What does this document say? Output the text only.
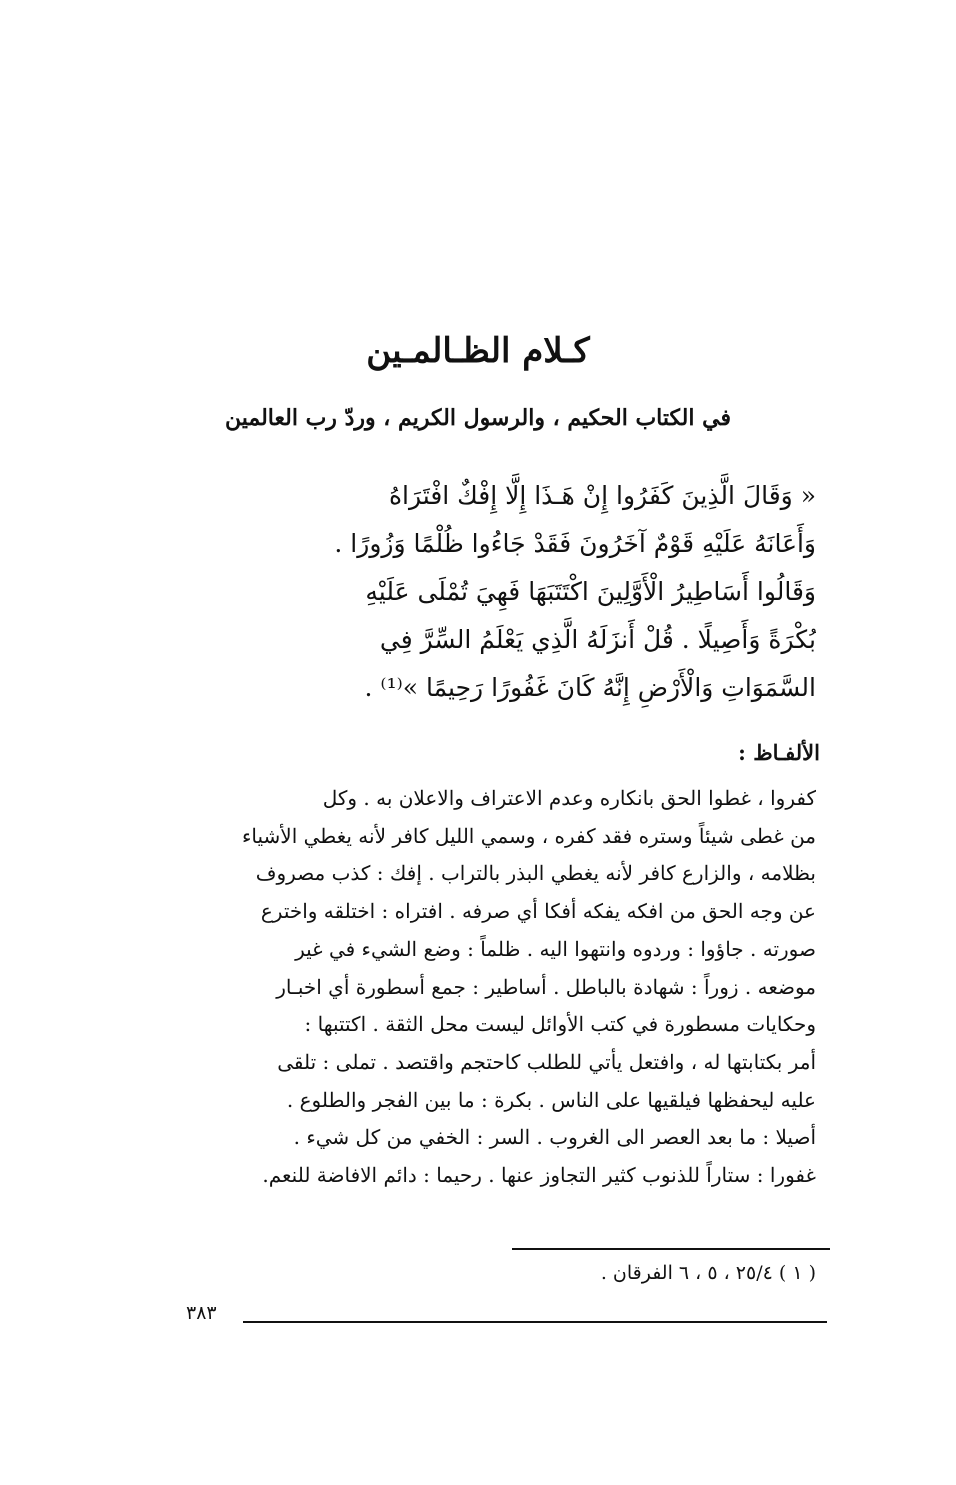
كـلام الظـالمـين
في الكتاب الحكيم ، والرسول الكريم ، وردّ رب العالمين

« وَقَالَ الَّذِينَ كَفَرُوا إِنْ هَـذَا إِلَّا إِفْكٌ افْتَرَاهُ

وَأَعَانَهُ عَلَيْهِ قَوْمٌ آخَرُونَ فَقَدْ جَاءُوا ظُلْمًا وَزُورًا .

وَقَالُوا أَسَاطِيرُ الْأَوَّلِينَ اكْتَتَبَهَا فَهِيَ تُمْلَى عَلَيْهِ

بُكْرَةً وَأَصِيلًا . قُلْ أَنزَلَهُ الَّذِي يَعْلَمُ السِّرَّ فِي

السَّمَوَاتِ وَالْأَرْضِ إِنَّهُ كَانَ غَفُورًا رَحِيمًا »⁽¹⁾ .

الألفـاظ :

كفروا ، غطوا الحق بانكاره وعدم الاعتراف والاعلان به . وكل

من غطى شيئاً وستره فقد كفره ، وسمي الليل كافر لأنه يغطي الأشياء

بظلامه ، والزارع كافر لأنه يغطي البذر بالتراب . إفك : كذب مصروف

عن وجه الحق من افكه يفكه أفكا أي صرفه . افتراه : اختلقه واخترع

صورته . جاؤوا : وردوه وانتهوا اليه . ظلماً : وضع الشيء في غير

موضعه . زوراً : شهادة بالباطل . أساطير : جمع أسطورة أي اخبـار

وحكايات مسطورة في كتب الأوائل ليست محل الثقة . اكتتبها :

أمر بكتابتها له ، وافتعل يأتي للطلب كاحتجم واقتصد . تملى : تلقى

عليه ليحفظها فيلقيها على الناس . بكرة : ما بين الفجر والطلوع .

أصيلا : ما بعد العصر الى الغروب . السر : الخفي من كل شيء .

غفورا : ستاراً للذنوب كثير التجاوز عنها . رحيما : دائم الافاضة للنعم.

( ١ ) ٢٥/٤ ، ٥ ، ٦ الفرقان .
٣٨٣
